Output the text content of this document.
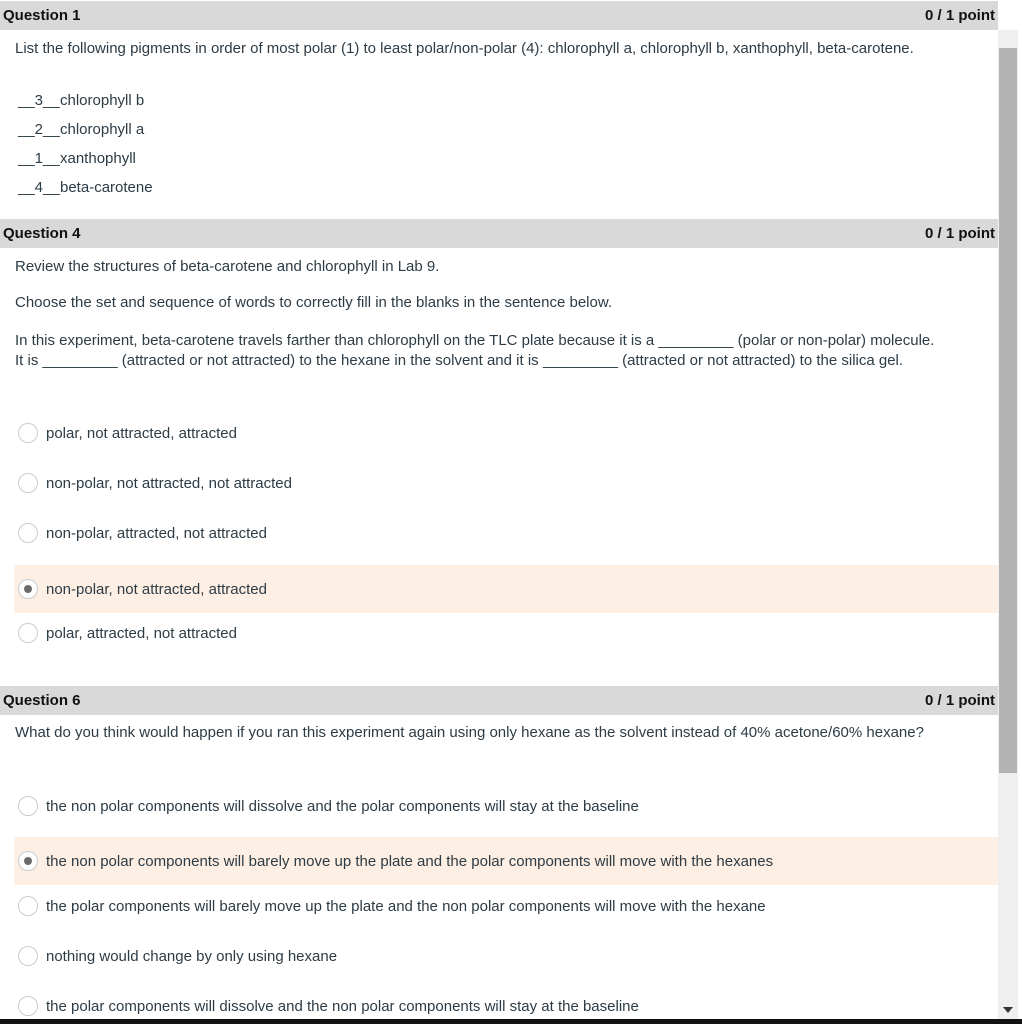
Question 1	0 / 1 point
List the following pigments in order of most polar (1) to least polar/non-polar (4): chlorophyll a, chlorophyll b, xanthophyll, beta-carotene.
__3__chlorophyll b
__2__chlorophyll a
__1__xanthophyll
__4__beta-carotene
Question 4	0 / 1 point
Review the structures of beta-carotene and chlorophyll in Lab 9.
Choose the set and sequence of words to correctly fill in the blanks in the sentence below.
In this experiment, beta-carotene travels farther than chlorophyll on the TLC plate because it is a _________ (polar or non-polar) molecule. It is _________ (attracted or not attracted) to the hexane in the solvent and it is _________ (attracted or not attracted) to the silica gel.
polar, not attracted, attracted
non-polar, not attracted, not attracted
non-polar, attracted, not attracted
non-polar, not attracted, attracted
polar, attracted, not attracted
Question 6	0 / 1 point
What do you think would happen if you ran this experiment again using only hexane as the solvent instead of 40% acetone/60% hexane?
the non polar components will dissolve and the polar components will stay at the baseline
the non polar components will barely move up the plate and the polar components will move with the hexanes
the polar components will barely move up the plate and the non polar components will move with the hexane
nothing would change by only using hexane
the polar components will dissolve and the non polar components will stay at the baseline
